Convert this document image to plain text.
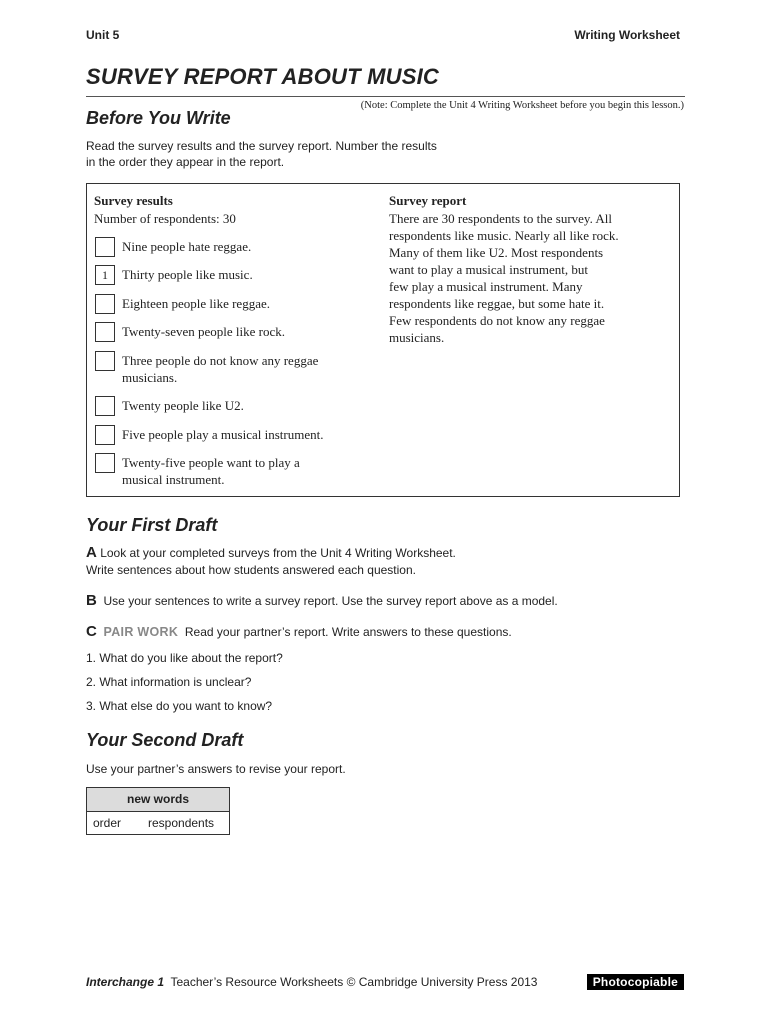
Unit 5	Writing Worksheet
SURVEY REPORT ABOUT MUSIC
(Note: Complete the Unit 4 Writing Worksheet before you begin this lesson.)
Before You Write
Read the survey results and the survey report. Number the results
in the order they appear in the report.
Survey results
Number of respondents: 30
Nine people hate reggae.
1	Thirty people like music.
Eighteen people like reggae.
Twenty-seven people like rock.
Three people do not know any reggae
musicians.
Twenty people like U2.
Five people play a musical instrument.
Twenty-five people want to play a
musical instrument.
Survey report
There are 30 respondents to the survey. All
respondents like music. Nearly all like rock.
Many of them like U2. Most respondents
want to play a musical instrument, but
few play a musical instrument. Many
respondents like reggae, but some hate it.
Few respondents do not know any reggae
musicians.
Your First Draft
A Look at your completed surveys from the Unit 4 Writing Worksheet.
Write sentences about how students answered each question.
B Use your sentences to write a survey report. Use the survey report above as a model.
C PAIR WORK Read your partner’s report. Write answers to these questions.
1. What do you like about the report?
2. What information is unclear?
3. What else do you want to know?
Your Second Draft
Use your partner’s answers to revise your report.
new words
order respondents
Interchange 1 Teacher’s Resource Worksheets © Cambridge University Press 2013	Photocopiable
